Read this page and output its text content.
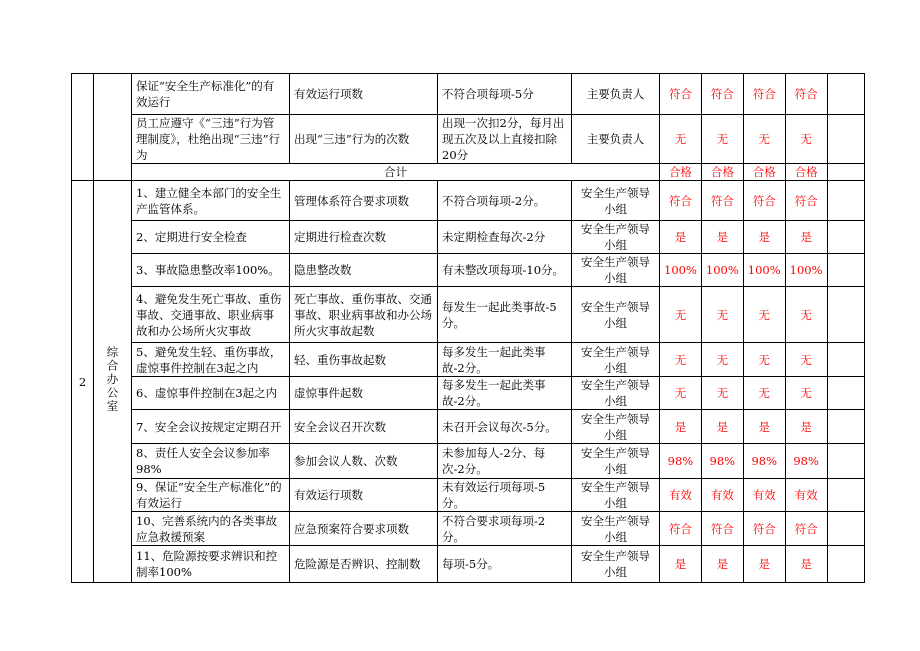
		保证“安全生产标准化”的有效运行	有效运行项数	不符合项每项-5分	主要负责人	符合	符合	符合	符合	
		员工应遵守《“三违”行为管理制度》，杜绝出现“三违”行为	出现“三违”行为的次数	出现一次扣2分，每月出现五次及以上直接扣除20分	主要负责人	无	无	无	无	
		合计				合格	合格	合格	合格	
2	综合办公室	1、建立健全本部门的安全生产监管体系。	管理体系符合要求项数	不符合项每项-2分。	安全生产领导小组	符合	符合	符合	符合	
		2、定期进行安全检查	定期进行检查次数	未定期检查每次-2分	安全生产领导小组	是	是	是	是	
		3、事故隐患整改率100%。	隐患整改数	有未整改项每项-10分。	安全生产领导小组	100%	100%	100%	100%	
		4、避免发生死亡事故、重伤事故、交通事故、职业病事故和办公场所火灾事故	死亡事故、重伤事故、交通事故、职业病事故和办公场所火灾事故起数	每发生一起此类事故-5分。	安全生产领导小组	无	无	无	无	
		5、避免发生轻、重伤事故，虚惊事件控制在3起之内	轻、重伤事故起数	每多发生一起此类事故-2分。	安全生产领导小组	无	无	无	无	
		6、虚惊事件控制在3起之内	虚惊事件起数	每多发生一起此类事故-2分。	安全生产领导小组	无	无	无	无	
		7、安全会议按规定定期召开	安全会议召开次数	未召开会议每次-5分。	安全生产领导小组	是	是	是	是	
		8、责任人安全会议参加率98%	参加会议人数、次数	未参加每人-2分、每次-2分。	安全生产领导小组	98%	98%	98%	98%	
		9、保证“安全生产标准化”的有效运行	有效运行项数	未有效运行项每项-5分。	安全生产领导小组	有效	有效	有效	有效	
		10、完善系统内的各类事故应急救援预案	应急预案符合要求项数	不符合要求项每项-2分。	安全生产领导小组	符合	符合	符合	符合	
		11、危险源按要求辨识和控制率100%	危险源是否辨识、控制数	每项-5分。	安全生产领导小组	是	是	是	是	
